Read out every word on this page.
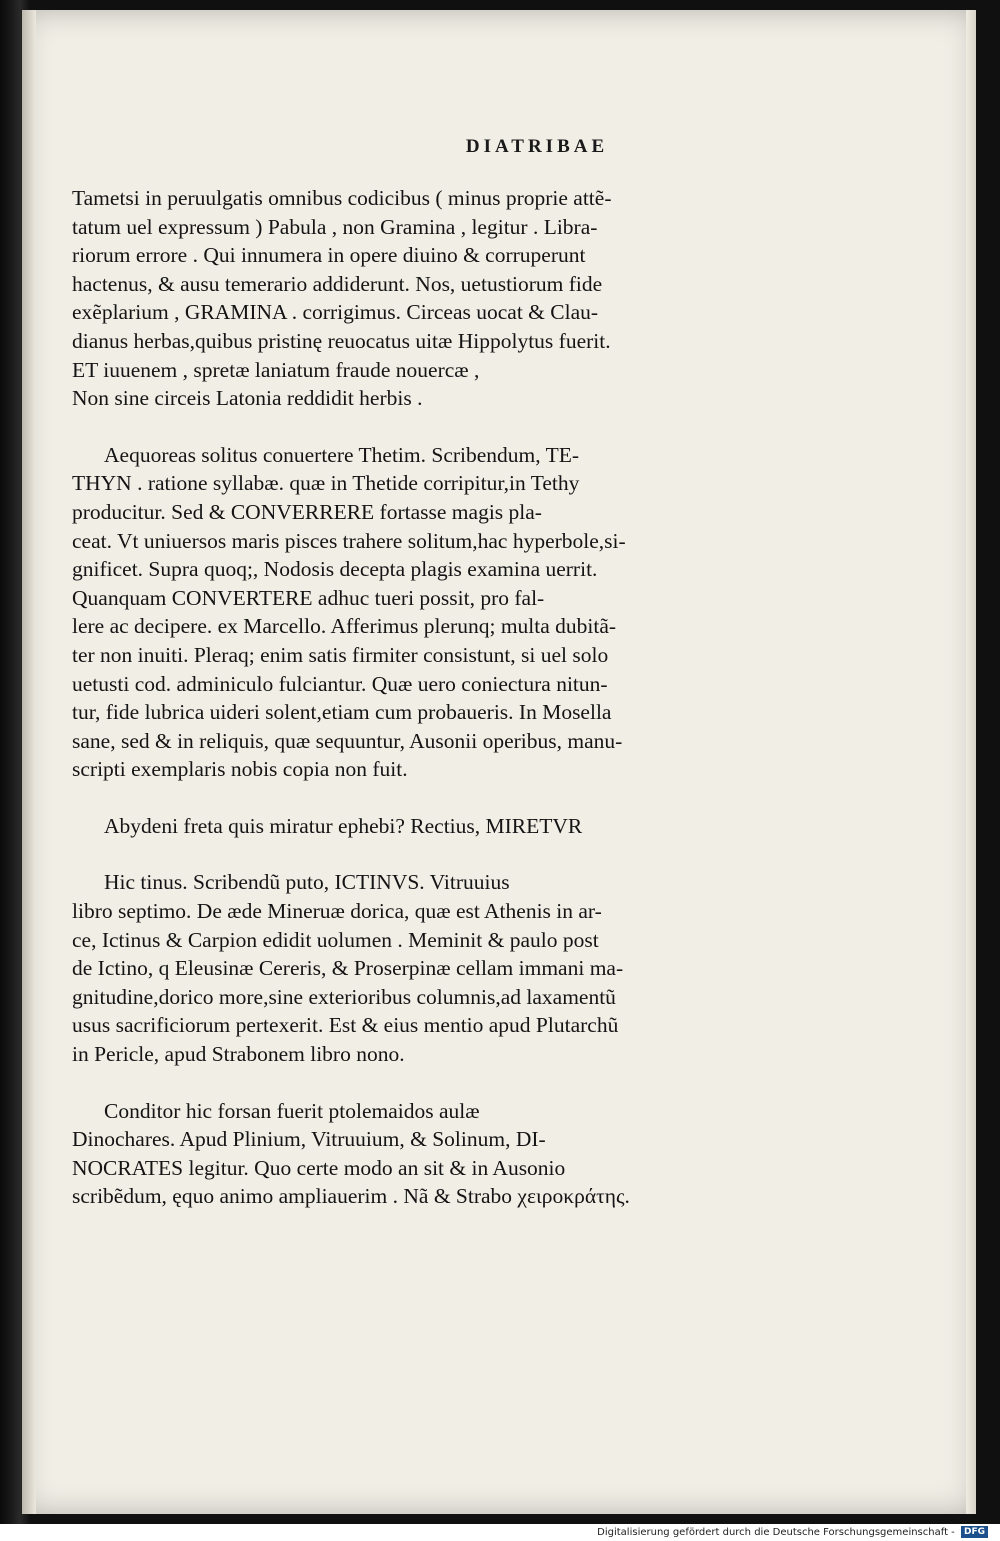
DIATRIBAE
Tametsi in peruulgatis omnibus codicibus ( minus proprie attẽ-
tatum uel expressum ) Pabula , non Gramina , legitur . Libra-
riorum errore . Qui innumera in opere diuino & corruperunt
hactenus, & ausu temerario addiderunt. Nos, uetustiorum fide
exẽplarium , GRAMINA . corrigimus. Circeas uocat & Clau-
dianus herbas,quibus pristinę reuocatus uitæ Hippolytus fuerit.
ET iuuenem , spretæ laniatum fraude nouercæ ,
Non sine circeis Latonia reddidit herbis .
Aequoreas solitus conuertere Thetim. Scribendum, TE-
THYN . ratione syllabæ. quæ in Thetide corripitur,in Tethy
producitur. Sed & CONVERRERE fortasse magis pla-
ceat. Vt uniuersos maris pisces trahere solitum,hac hyperbole,si-
gnificet. Supra quoq;, Nodosis decepta plagis examina uerrit.
Quanquam CONVERTERE adhuc tueri possit, pro fal-
lere ac decipere. ex Marcello. Afferimus plerunq; multa dubitã-
ter non inuiti. Pleraq; enim satis firmiter consistunt, si uel solo
uetusti cod. adminiculo fulciantur. Quæ uero coniectura nitun-
tur, fide lubrica uideri solent,etiam cum probaueris. In Mosella
sane, sed & in reliquis, quæ sequuntur, Ausonii operibus, manu-
scripti exemplaris nobis copia non fuit.
Abydeni freta quis miratur ephebi? Rectius, MIRETVR
Hic tinus. Scribendũ puto, ICTINVS. Vitruuius
libro septimo. De æde Mineruæ dorica, quæ est Athenis in ar-
ce, Ictinus & Carpion edidit uolumen . Meminit & paulo post
de Ictino, q Eleusinæ Cereris, & Proserpinæ cellam immani ma-
gnitudine,dorico more,sine exterioribus columnis,ad laxamentũ
usus sacrificiorum pertexerit. Est & eius mentio apud Plutarchũ
in Pericle, apud Strabonem libro nono.
Conditor hic forsan fuerit ptolemaidos aulæ
Dinochares. Apud Plinium, Vitruuium, & Solinum, DI-
NOCRATES legitur. Quo certe modo an sit & in Ausonio
scribẽdum, ęquo animo ampliauerim . Nã & Strabo χειροκράτης.
Digitalisierung gefördert durch die Deutsche Forschungsgemeinschaft - DFG
